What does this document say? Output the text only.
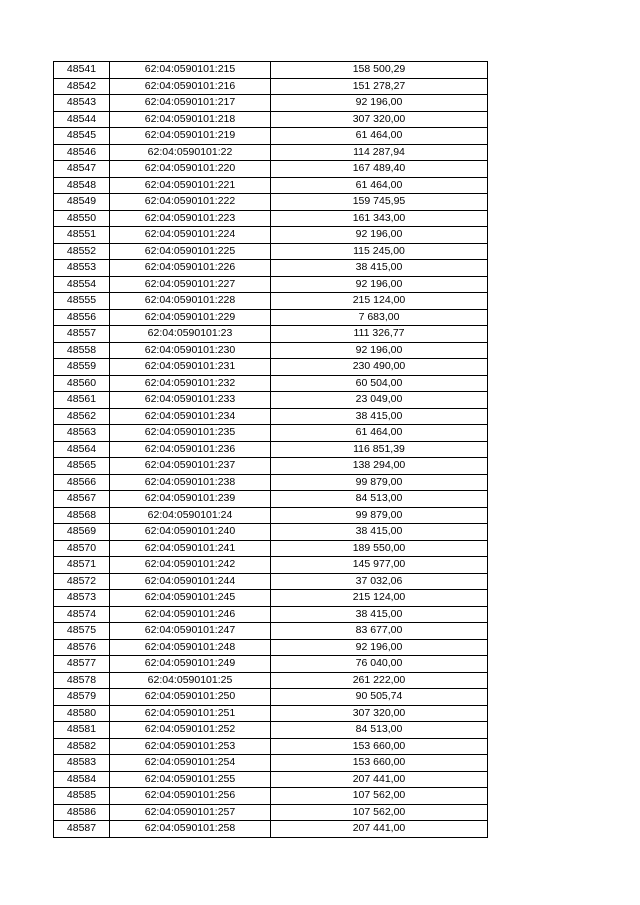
48541	62:04:0590101:215	158 500,29
48542	62:04:0590101:216	151 278,27
48543	62:04:0590101:217	92 196,00
48544	62:04:0590101:218	307 320,00
48545	62:04:0590101:219	61 464,00
48546	62:04:0590101:22	114 287,94
48547	62:04:0590101:220	167 489,40
48548	62:04:0590101:221	61 464,00
48549	62:04:0590101:222	159 745,95
48550	62:04:0590101:223	161 343,00
48551	62:04:0590101:224	92 196,00
48552	62:04:0590101:225	115 245,00
48553	62:04:0590101:226	38 415,00
48554	62:04:0590101:227	92 196,00
48555	62:04:0590101:228	215 124,00
48556	62:04:0590101:229	7 683,00
48557	62:04:0590101:23	111 326,77
48558	62:04:0590101:230	92 196,00
48559	62:04:0590101:231	230 490,00
48560	62:04:0590101:232	60 504,00
48561	62:04:0590101:233	23 049,00
48562	62:04:0590101:234	38 415,00
48563	62:04:0590101:235	61 464,00
48564	62:04:0590101:236	116 851,39
48565	62:04:0590101:237	138 294,00
48566	62:04:0590101:238	99 879,00
48567	62:04:0590101:239	84 513,00
48568	62:04:0590101:24	99 879,00
48569	62:04:0590101:240	38 415,00
48570	62:04:0590101:241	189 550,00
48571	62:04:0590101:242	145 977,00
48572	62:04:0590101:244	37 032,06
48573	62:04:0590101:245	215 124,00
48574	62:04:0590101:246	38 415,00
48575	62:04:0590101:247	83 677,00
48576	62:04:0590101:248	92 196,00
48577	62:04:0590101:249	76 040,00
48578	62:04:0590101:25	261 222,00
48579	62:04:0590101:250	90 505,74
48580	62:04:0590101:251	307 320,00
48581	62:04:0590101:252	84 513,00
48582	62:04:0590101:253	153 660,00
48583	62:04:0590101:254	153 660,00
48584	62:04:0590101:255	207 441,00
48585	62:04:0590101:256	107 562,00
48586	62:04:0590101:257	107 562,00
48587	62:04:0590101:258	207 441,00
